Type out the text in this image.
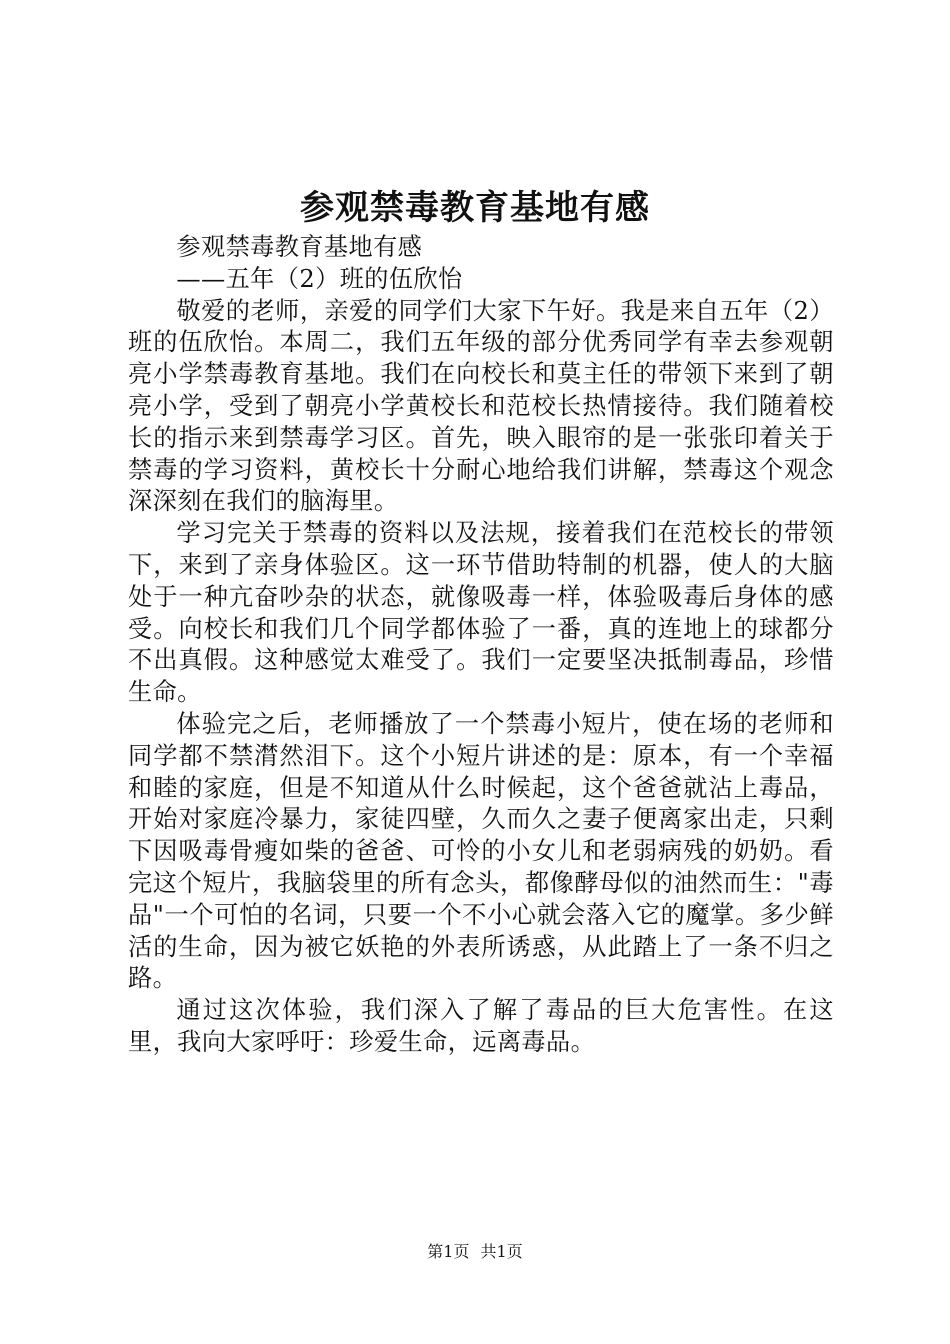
参观禁毒教育基地有感

参观禁毒教育基地有感

——五年（2）班的伍欣怡

敬爱的老师，亲爱的同学们大家下午好。我是来自五年（2）班的伍欣怡。本周二，我们五年级的部分优秀同学有幸去参观朝亮小学禁毒教育基地。我们在向校长和莫主任的带领下来到了朝亮小学，受到了朝亮小学黄校长和范校长热情接待。我们随着校长的指示来到禁毒学习区。首先，映入眼帘的是一张张印着关于禁毒的学习资料，黄校长十分耐心地给我们讲解，禁毒这个观念深深刻在我们的脑海里。

学习完关于禁毒的资料以及法规，接着我们在范校长的带领下，来到了亲身体验区。这一环节借助特制的机器，使人的大脑处于一种亢奋吵杂的状态，就像吸毒一样，体验吸毒后身体的感受。向校长和我们几个同学都体验了一番，真的连地上的球都分不出真假。这种感觉太难受了。我们一定要坚决抵制毒品，珍惜生命。

体验完之后，老师播放了一个禁毒小短片，使在场的老师和同学都不禁潸然泪下。这个小短片讲述的是：原本，有一个幸福和睦的家庭，但是不知道从什么时候起，这个爸爸就沾上毒品，开始对家庭冷暴力，家徒四壁，久而久之妻子便离家出走，只剩下因吸毒骨瘦如柴的爸爸、可怜的小女儿和老弱病残的奶奶。看完这个短片，我脑袋里的所有念头，都像酵母似的油然而生："毒品"一个可怕的名词，只要一个不小心就会落入它的魔掌。多少鲜活的生命，因为被它妖艳的外表所诱惑，从此踏上了一条不归之路。

通过这次体验，我们深入了解了毒品的巨大危害性。在这里，我向大家呼吁：珍爱生命，远离毒品。

第1页 共1页
